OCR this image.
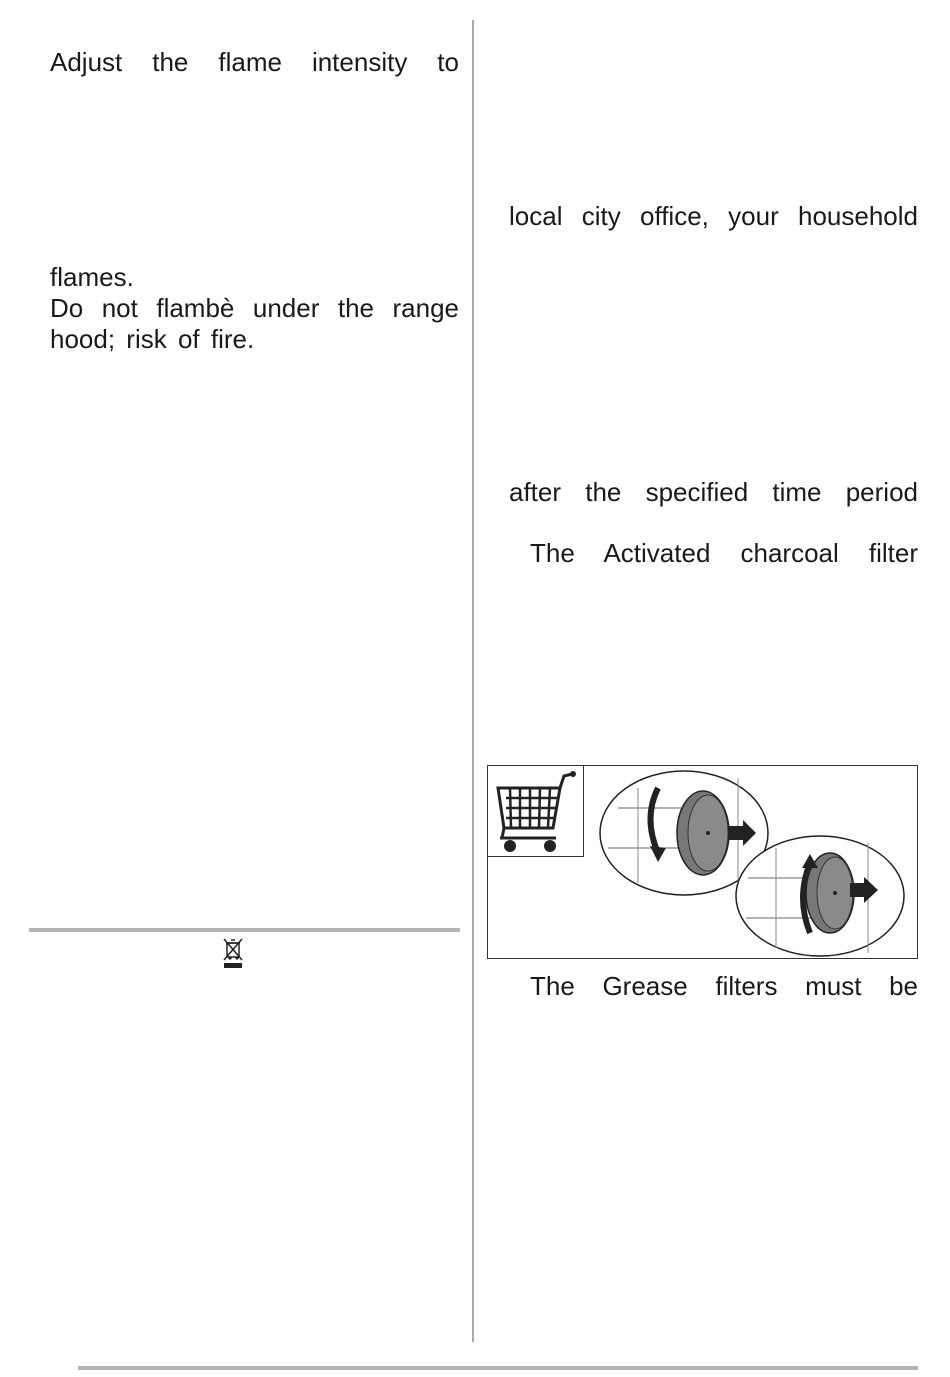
Adjust the flame intensity to

flames.

Do not flambè under the range

hood; risk of fire.

local city office, your household

after the specified time period

The Activated charcoal filter

The Grease filters must be
